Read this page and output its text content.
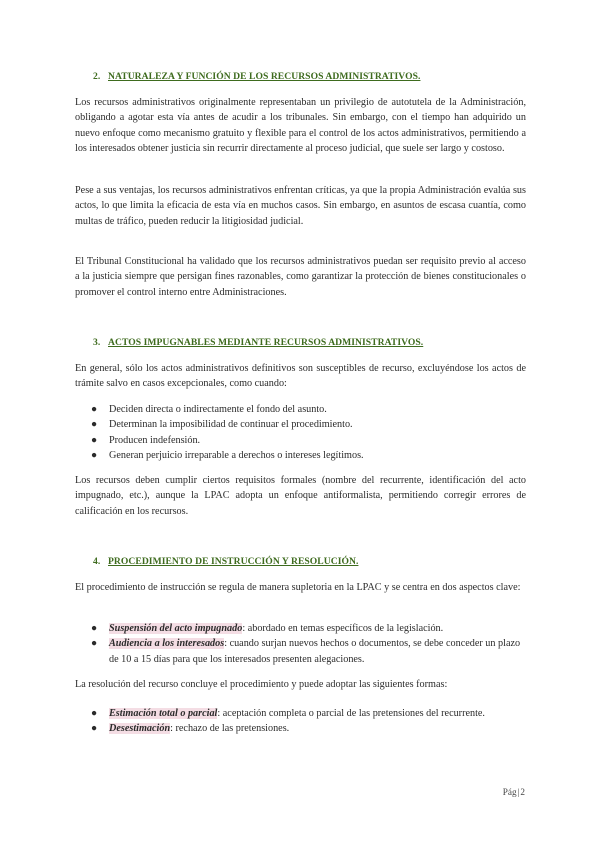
2. NATURALEZA Y FUNCIÓN DE LOS RECURSOS ADMINISTRATIVOS.

Los recursos administrativos originalmente representaban un privilegio de autotutela de la Administración, obligando a agotar esta vía antes de acudir a los tribunales. Sin embargo, con el tiempo han adquirido un nuevo enfoque como mecanismo gratuito y flexible para el control de los actos administrativos, permitiendo a los interesados obtener justicia sin recurrir directamente al proceso judicial, que suele ser largo y costoso.

Pese a sus ventajas, los recursos administrativos enfrentan críticas, ya que la propia Administración evalúa sus actos, lo que limita la eficacia de esta vía en muchos casos. Sin embargo, en asuntos de escasa cuantía, como multas de tráfico, pueden reducir la litigiosidad judicial.

El Tribunal Constitucional ha validado que los recursos administrativos puedan ser requisito previo al acceso a la justicia siempre que persigan fines razonables, como garantizar la protección de bienes constitucionales o promover el control interno entre Administraciones.

3. ACTOS IMPUGNABLES MEDIANTE RECURSOS ADMINISTRATIVOS.

En general, sólo los actos administrativos definitivos son susceptibles de recurso, excluyéndose los actos de trámite salvo en casos excepcionales, como cuando:

● Deciden directa o indirectamente el fondo del asunto.
● Determinan la imposibilidad de continuar el procedimiento.
● Producen indefensión.
● Generan perjuicio irreparable a derechos o intereses legítimos.

Los recursos deben cumplir ciertos requisitos formales (nombre del recurrente, identificación del acto impugnado, etc.), aunque la LPAC adopta un enfoque antiformalista, permitiendo corregir errores de calificación en los recursos.

4. PROCEDIMIENTO DE INSTRUCCIÓN Y RESOLUCIÓN.

El procedimiento de instrucción se regula de manera supletoria en la LPAC y se centra en dos aspectos clave:

● Suspensión del acto impugnado: abordado en temas específicos de la legislación.
● Audiencia a los interesados: cuando surjan nuevos hechos o documentos, se debe conceder un plazo de 10 a 15 días para que los interesados presenten alegaciones.

La resolución del recurso concluye el procedimiento y puede adoptar las siguientes formas:

● Estimación total o parcial: aceptación completa o parcial de las pretensiones del recurrente.
● Desestimación: rechazo de las pretensiones.
Pág|2
